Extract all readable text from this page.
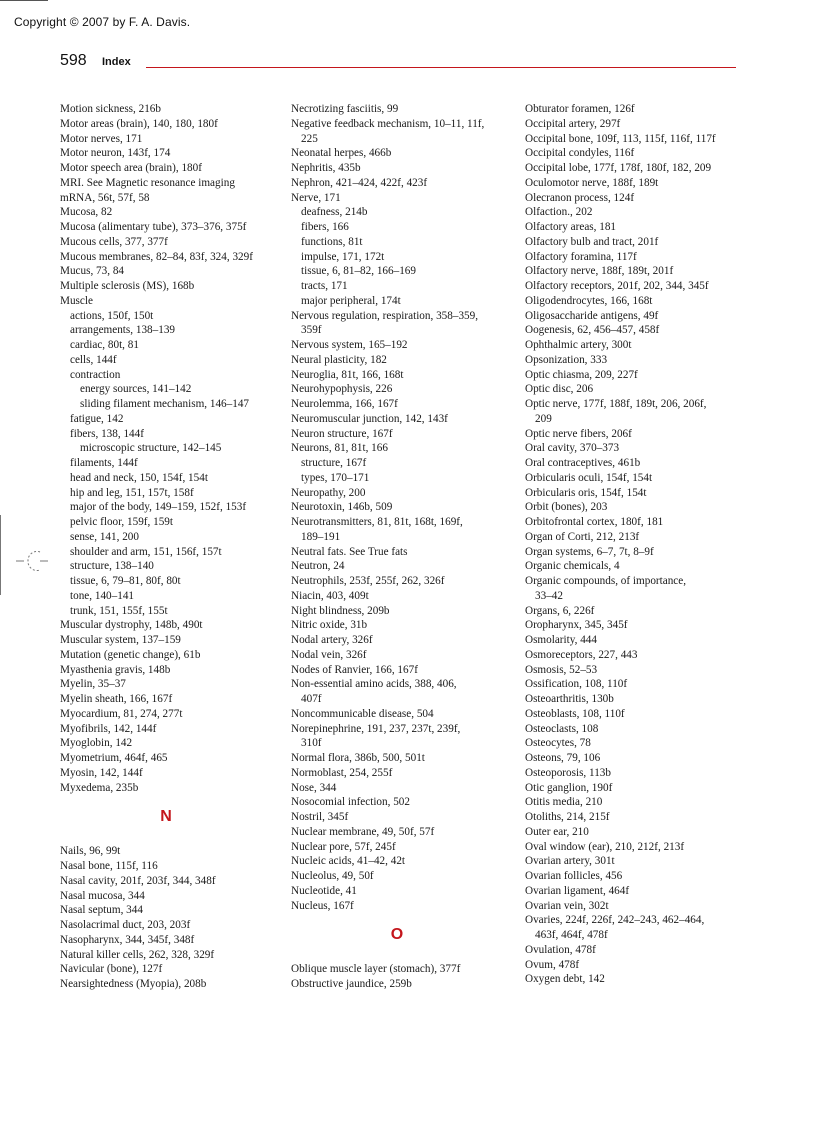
Copyright © 2007 by F. A. Davis.
598 Index
Motion sickness, 216b
Motor areas (brain), 140, 180, 180f
Motor nerves, 171
Motor neuron, 143f, 174
Motor speech area (brain), 180f
MRI. See Magnetic resonance imaging
mRNA, 56t, 57f, 58
Mucosa, 82
Mucosa (alimentary tube), 373–376, 375f
Mucous cells, 377, 377f
Mucous membranes, 82–84, 83f, 324, 329f
Mucus, 73, 84
Multiple sclerosis (MS), 168b
Muscle
actions, 150f, 150t
arrangements, 138–139
cardiac, 80t, 81
cells, 144f
contraction
energy sources, 141–142
sliding filament mechanism, 146–147
fatigue, 142
fibers, 138, 144f
microscopic structure, 142–145
filaments, 144f
head and neck, 150, 154f, 154t
hip and leg, 151, 157t, 158f
major of the body, 149–159, 152f, 153f
pelvic floor, 159f, 159t
sense, 141, 200
shoulder and arm, 151, 156f, 157t
structure, 138–140
tissue, 6, 79–81, 80f, 80t
tone, 140–141
trunk, 151, 155f, 155t
Muscular dystrophy, 148b, 490t
Muscular system, 137–159
Mutation (genetic change), 61b
Myasthenia gravis, 148b
Myelin, 35–37
Myelin sheath, 166, 167f
Myocardium, 81, 274, 277t
Myofibrils, 142, 144f
Myoglobin, 142
Myometrium, 464f, 465
Myosin, 142, 144f
Myxedema, 235b
N
Nails, 96, 99t
Nasal bone, 115f, 116
Nasal cavity, 201f, 203f, 344, 348f
Nasal mucosa, 344
Nasal septum, 344
Nasolacrimal duct, 203, 203f
Nasopharynx, 344, 345f, 348f
Natural killer cells, 262, 328, 329f
Navicular (bone), 127f
Nearsightedness (Myopia), 208b
Necrotizing fasciitis, 99
Negative feedback mechanism, 10–11, 11f,
225
Neonatal herpes, 466b
Nephritis, 435b
Nephron, 421–424, 422f, 423f
Nerve, 171
deafness, 214b
fibers, 166
functions, 81t
impulse, 171, 172t
tissue, 6, 81–82, 166–169
tracts, 171
major peripheral, 174t
Nervous regulation, respiration, 358–359,
359f
Nervous system, 165–192
Neural plasticity, 182
Neuroglia, 81t, 166, 168t
Neurohypophysis, 226
Neurolemma, 166, 167f
Neuromuscular junction, 142, 143f
Neuron structure, 167f
Neurons, 81, 81t, 166
structure, 167f
types, 170–171
Neuropathy, 200
Neurotoxin, 146b, 509
Neurotransmitters, 81, 81t, 168t, 169f,
189–191
Neutral fats. See True fats
Neutron, 24
Neutrophils, 253f, 255f, 262, 326f
Niacin, 403, 409t
Night blindness, 209b
Nitric oxide, 31b
Nodal artery, 326f
Nodal vein, 326f
Nodes of Ranvier, 166, 167f
Non-essential amino acids, 388, 406,
407f
Noncommunicable disease, 504
Norepinephrine, 191, 237, 237t, 239f,
310f
Normal flora, 386b, 500, 501t
Normoblast, 254, 255f
Nose, 344
Nosocomial infection, 502
Nostril, 345f
Nuclear membrane, 49, 50f, 57f
Nuclear pore, 57f, 245f
Nucleic acids, 41–42, 42t
Nucleolus, 49, 50f
Nucleotide, 41
Nucleus, 167f
O
Oblique muscle layer (stomach), 377f
Obstructive jaundice, 259b
Obturator foramen, 126f
Occipital artery, 297f
Occipital bone, 109f, 113, 115f, 116f, 117f
Occipital condyles, 116f
Occipital lobe, 177f, 178f, 180f, 182, 209
Oculomotor nerve, 188f, 189t
Olecranon process, 124f
Olfaction., 202
Olfactory areas, 181
Olfactory bulb and tract, 201f
Olfactory foramina, 117f
Olfactory nerve, 188f, 189t, 201f
Olfactory receptors, 201f, 202, 344, 345f
Oligodendrocytes, 166, 168t
Oligosaccharide antigens, 49f
Oogenesis, 62, 456–457, 458f
Ophthalmic artery, 300t
Opsonization, 333
Optic chiasma, 209, 227f
Optic disc, 206
Optic nerve, 177f, 188f, 189t, 206, 206f,
209
Optic nerve fibers, 206f
Oral cavity, 370–373
Oral contraceptives, 461b
Orbicularis oculi, 154f, 154t
Orbicularis oris, 154f, 154t
Orbit (bones), 203
Orbitofrontal cortex, 180f, 181
Organ of Corti, 212, 213f
Organ systems, 6–7, 7t, 8–9f
Organic chemicals, 4
Organic compounds, of importance,
33–42
Organs, 6, 226f
Oropharynx, 345, 345f
Osmolarity, 444
Osmoreceptors, 227, 443
Osmosis, 52–53
Ossification, 108, 110f
Osteoarthritis, 130b
Osteoblasts, 108, 110f
Osteoclasts, 108
Osteocytes, 78
Osteons, 79, 106
Osteoporosis, 113b
Otic ganglion, 190f
Otitis media, 210
Otoliths, 214, 215f
Outer ear, 210
Oval window (ear), 210, 212f, 213f
Ovarian artery, 301t
Ovarian follicles, 456
Ovarian ligament, 464f
Ovarian vein, 302t
Ovaries, 224f, 226f, 242–243, 462–464,
463f, 464f, 478f
Ovulation, 478f
Ovum, 478f
Oxygen debt, 142
